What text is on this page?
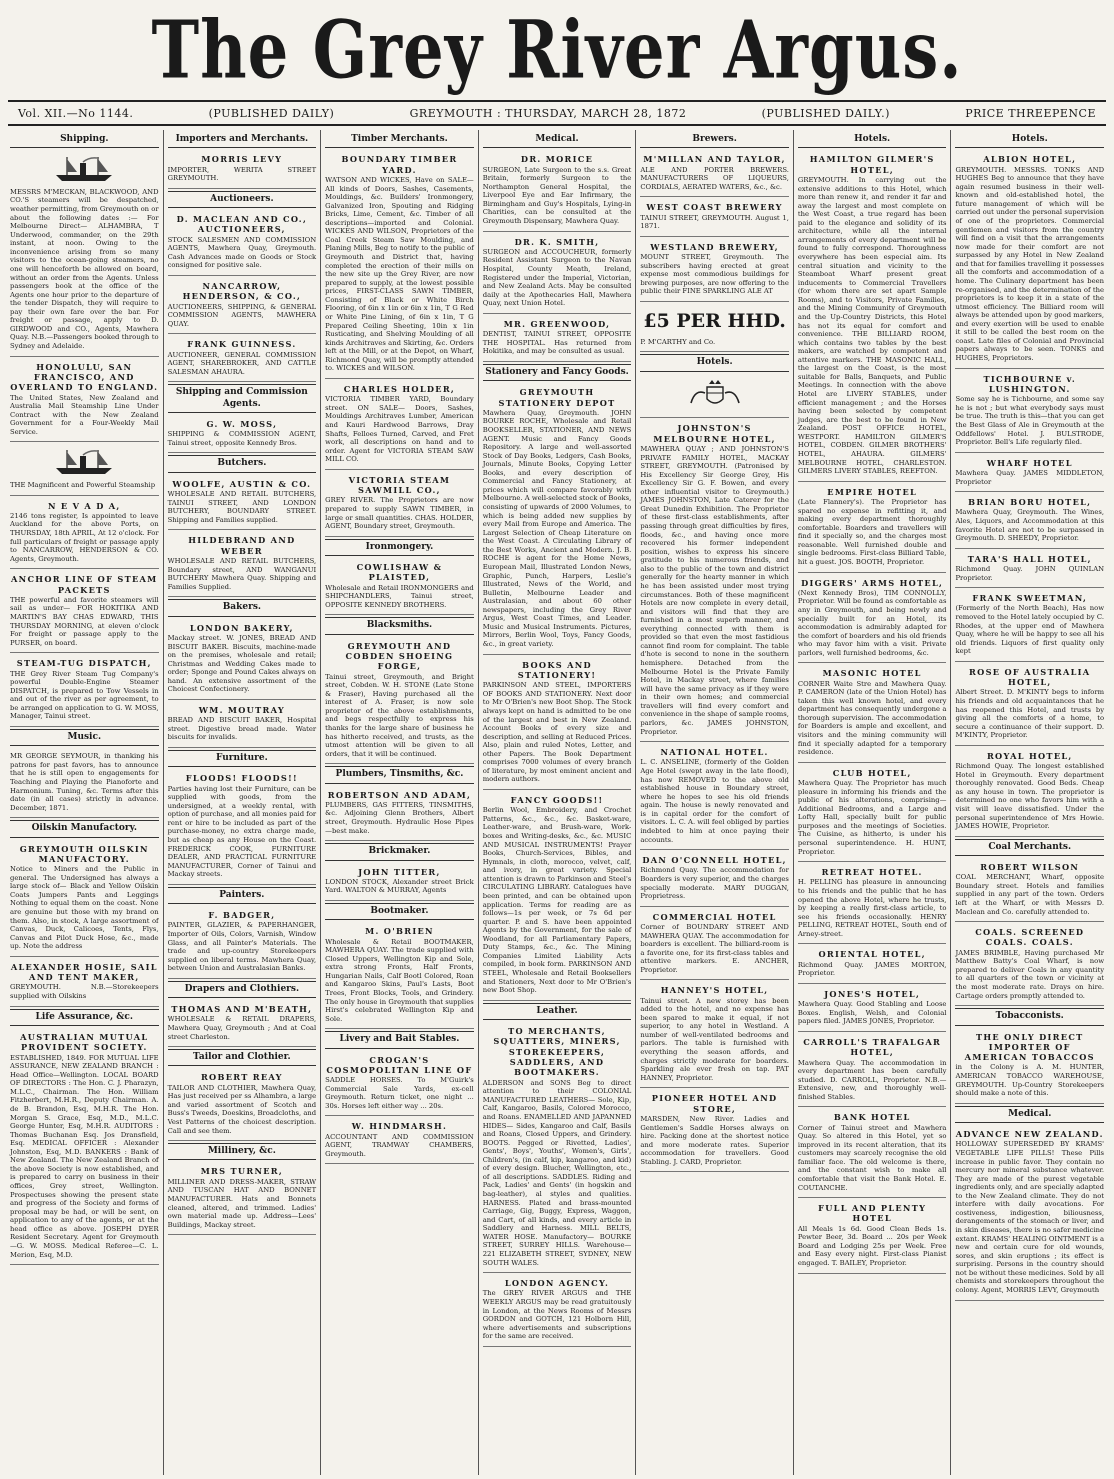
The Grey River Argus.
Vol. XII.—No 1144.	(PUBLISHED DAILY)	GREYMOUTH : THURSDAY, MARCH 28, 1872	(PUBLISHED DAILY.)	PRICE THREEPENCE
Shipping.
MESSRS M'MECKAN, BLACKWOOD, AND CO.'S steamers will be despatched, weather permitting, from Greymouth on or about the following dates :— For Melbourne Direct— ALHAMBRA, T Underwood, commander, on the 29th instant, at noon. Owing to the inconvenience arising from so many visitors to the ocean-going steamers, no one will henceforth be allowed on board, without an order from the Agents. Unless passengers book at the office of the Agents one hour prior to the departure of the tender Dispatch, they will require to pay their own fare over the bar. For freight or passage, apply to D. GIRDWOOD and CO., Agents, Mawhera Quay. N.B.—Passengers booked through to Sydney and Adelaide.
HONOLULU, SAN FRANCISCO, AND OVERLAND TO ENGLAND.
The United States, New Zealand and Australia Mail Steamship Line Under Contract with the New Zealand Government for a Four-Weekly Mail Service.
THE Magnificent and Powerful Steamship
N E V A D A,
2146 tons register, Is appointed to leave Auckland for the above Ports, on THURSDAY, 18th APRIL, At 12 o'clock. For full particulars of freight or passage apply to NANCARROW, HENDERSON & CO. Agents, Greymouth.
ANCHOR LINE OF STEAM PACKETS
THE powerful and favorite steamers will sail as under— FOR HOKITIKA AND MARTIN'S BAY CHAS EDWARD, THIS THURSDAY MORNING, at eleven o'clock For freight or passage apply to the PURSER, on board.
STEAM-TUG DISPATCH,
THE Grey River Steam Tug Company's powerful Double-Engine Steamer DISPATCH, is prepared to Tow Vessels in and out of the river as per agreement, to be arranged on application to G. W. MOSS, Manager, Tainui street.
Music.
MR GEORGE SEYMOUR, in thanking his patrons for past favors, has to announce that he is still open to engagements for Teaching and Playing the Pianoforte and Harmonium. Tuning, &c. Terms after this date (in all cases) strictly in advance. December, 1871.
Oilskin Manufactory.
GREYMOUTH OILSKIN MANUFACTORY.
Notice to Miners and the Public in general. The Undersigned has always a large stock of— Black and Yellow Oilskin Coats Jumpers Pants and Leggings Nothing to equal them on the coast. None are genuine but those with my brand on them. Also, in stock, A large assortment of Canvas, Duck, Calicoes, Tents, Flys, Canvas and Pilot Duck Hose, &c., made up. Note the address
ALEXANDER HOSIE, SAIL AND TENT MAKER,
GREYMOUTH. N.B.—Storekeepers supplied with Oilskins
Life Assurance, &c.
AUSTRALIAN MUTUAL PROVIDENT SOCIETY.
ESTABLISHED, 1849. FOR MUTUAL LIFE ASSURANCE, NEW ZEALAND BRANCH : Head Office—Wellington. LOCAL BOARD OF DIRECTORS : The Hon. C. J. Pharazyn, M.L.C., Chairman. The Hon. William Fitzherbert, M.H.R., Deputy Chairman. A. de B. Brandon, Esq, M.H.R. The Hon. Morgan S. Grace, Esq, M.D., M.L.C. George Hunter, Esq, M.H.R. AUDITORS : Thomas Buchanan Esq. Jos Dransfield, Esq. MEDICAL OFFICER : Alexander Johnston, Esq, M.D. BANKERS : Bank of New Zealand. The New Zealand Branch of the above Society is now established, and is prepared to carry on business in their offices, Grey street, Wellington. Prospectuses showing the present state and progress of the Society and forms of proposal may be had, or will be sent, on application to any of the agents, or at the head office as above. JOSEPH DYER Resident Secretary. Agent for Greymouth—G. W. MOSS. Medical Referee—C. L. Merion, Esq, M.D.
Importers and Merchants.
MORRIS LEVY
IMPORTER, WERITA STREET GREYMOUTH.
Auctioneers.
D. MACLEAN AND CO., AUCTIONEERS,
STOCK SALESMEN AND COMMISSION AGENTS, Mawhera Quay, Greymouth. Cash Advances made on Goods or Stock consigned for positive sale.
NANCARROW, HENDERSON, & CO.,
AUCTIONEERS, SHIPPING, & GENERAL COMMISSION AGENTS, MAWHERA QUAY.
FRANK GUINNESS.
AUCTIONEER, GENERAL COMMISSION AGENT, SHAREBROKER, AND CATTLE SALESMAN AHAURA.
Shipping and Commission Agents.
G. W. MOSS,
SHIPPING & COMMISSION AGENT, Tainui street, opposite Kennedy Bros.
Butchers.
WOOLFE, AUSTIN & CO.
WHOLESALE AND RETAIL BUTCHERS, TAINUI STREET, AND LONDON BUTCHERY, BOUNDARY STREET. Shipping and Families supplied.
HILDEBRAND AND WEBER
WHOLESALE AND RETAIL BUTCHERS, Boundary street, AND WANGANUI BUTCHERY Mawhera Quay. Shipping and Families Supplied.
Bakers.
LONDON BAKERY,
Mackay street. W. JONES, BREAD AND BISCUIT BAKER. Biscuits, machine-made on the premises, wholesale and retail; Christmas and Wedding Cakes made to order; Sponge and Pound Cakes always on hand. An extensive assortment of the Choicest Confectionery.
WM. MOUTRAY
BREAD AND BISCUIT BAKER, Hospital street. Digestive bread made. Water biscuits for invalids.
Furniture.
FLOODS! FLOODS!!
Parties having lost their Furniture, can be supplied with goods, from the undersigned, at a weekly rental, with option of purchase, and all monies paid for rent or hire to be included as part of the purchase-money, no extra charge made, but as cheap as any House on the Coast. FREDERICK COOK, FURNITURE DEALER, AND PRACTICAL FURNITURE MANUFACTURER, Corner of Tainui and Mackay streets.
Painters.
F. BADGER,
PAINTER, GLAZIER, & PAPERHANGER, Importer of Oils, Colors, Varnish, Window Glass, and all Painter's Materials. The trade and up-country Storekeepers supplied on liberal terms. Mawhera Quay, between Union and Australasian Banks.
Drapers and Clothiers.
THOMAS AND M'BEATH,
WHOLESALE & RETAIL DRAPERS, Mawhera Quay, Greymouth ; And at Coal street Charleston.
Tailor and Clothier.
ROBERT REAY
TAILOR AND CLOTHIER, Mawhera Quay, Has just received per ss Alhambra, a large and varied assortment of Scotch and Buss's Tweeds, Doeskins, Broadcloths, and Vest Patterns of the choicest description. Call and see them.
Millinery, &c.
MRS TURNER,
MILLINER AND DRESS-MAKER, STRAW AND TUSCAN HAT AND BONNET MANUFACTURER. Hats and Bonnets cleaned, altered, and trimmed. Ladies' own material made up. Address—Lees' Buildings, Mackay street.
Timber Merchants.
BOUNDARY TIMBER YARD.
WATSON AND WICKES, Have on SALE— All kinds of Doors, Sashes, Casements, Mouldings, &c. Builders' Ironmongery, Galvanized Iron, Spouting and Ridging Bricks, Lime, Cement, &c. Timber of all descriptions—imported and Colonial. WICKES AND WILSON, Proprietors of the Coal Creek Steam Saw Moulding, and Planing Mills, Beg to notify to the public of Greymouth and District that, having completed the erection of their mills on the new site up the Grey River, are now prepared to supply, at the lowest possible prices, FIRST-CLASS SAWN TIMBER, Consisting of Black or White Birch Flooring, of 6in x 1in or 6in x 1in, T G Red or White Pine Lining, of 6in x 1in, T G Prepared Ceiling Sheeting, 10in x 1in Rusticating, and Shelving Moulding of all kinds Architraves and Skirting, &c. Orders left at the Mill, or at the Depot, on Wharf, Richmond Quay, will be promptly attended to. WICKES and WILSON.
CHARLES HOLDER,
VICTORIA TIMBER YARD, Boundary street. ON SALE— Doors, Sashes, Mouldings Architraves Lumber, American and Kauri Hardwood Barrows, Dray Shafts, Felloes Turned, Carved, and Fret work, all descriptions on hand and to order. Agent for VICTORIA STEAM SAW MILL CO.
VICTORIA STEAM SAWMILL CO.,
GREY RIVER. The Proprietors are now prepared to supply SAWN TIMBER, in large or small quantities. CHAS. HOLDER, AGENT, Boundary street, Greymouth.
Ironmongery.
COWLISHAW & PLAISTED,
Wholesale and Retail IRONMONGERS and SHIPCHANDLERS, Tainui street, OPPOSITE KENNEDY BROTHERS.
Blacksmiths.
GREYMOUTH AND COBDEN SHOEING FORGE,
Tainui street, Greymouth, and Bright street, Cobden. W. H. STONE (Late Stone & Fraser), Having purchased all the interest of A. Fraser, is now sole proprietor of the above establishments, and begs respectfully to express his thanks for the large share of business he has hitherto received, and trusts, as the utmost attention will be given to all orders, that it will be continued.
Plumbers, Tinsmiths, &c.
ROBERTSON AND ADAM,
PLUMBERS, GAS FITTERS, TINSMITHS, &c. Adjoining Glenn Brothers, Albert street, Greymouth. Hydraulic Hose Pipes—best make.
Brickmaker.
JOHN TITTER,
LONDON STOCK, Alexander street Brick Yard. WALTON & MURRAY, Agents
Bootmaker.
M. O'BRIEN
Wholesale & Retail BOOTMAKER, MAWHERA QUAY. The trade supplied with Closed Uppers, Wellington Kip and Sole, extra strong Fronts, Half Fronts, Hungarian Nails, Calf Bootl Colored, Roan and Kangaroo Skins, Paul's Lasts, Boot Trees, Front Blocks, Tools, and Grindery. The only house in Greymouth that supplies Hirst's celebrated Wellington Kip and Sole.
Livery and Bait Stables.
CROGAN'S COSMOPOLITAN LINE OF
SADDLE HORSES. To M'Guirk's Commercial Sale Yards, ex-cell Greymouth. Return ticket, one night ... 30s. Horses left either way ... 20s.
W. HINDMARSH.
ACCOUNTANT AND COMMISSION AGENT, TRAMWAY CHAMBERS, Greymouth.
Medical.
DR. MORICE
SURGEON, Late Surgeon to the s.s. Great Britain, formerly Surgeon to the Northampton General Hospital, the Liverpool Eye and Ear Infirmary, the Birmingham and Guy's Hospitals, Lying-in Charities, can be consulted at the Greymouth Dispensary, Mawhera Quay.
DR. K. SMITH,
SURGEON and ACCOUCHEUR, formerly Resident Assistant Surgeon to the Navan Hospital, County Meath, Ireland, Registered under the Imperial, Victorian, and New Zealand Acts. May be consulted daily at the Apothecaries Hall, Mawhera Quay, next Union Hotel.
MR. GREENWOOD,
DENTIST, TAINUI STREET, OPPOSITE THE HOSPITAL. Has returned from Hokitika, and may be consulted as usual.
Stationery and Fancy Goods.
GREYMOUTH STATIONERY DEPOT
Mawhera Quay, Greymouth. JOHN BOURKE ROCHE, Wholesale and Retail BOOKSELLER, STATIONER, AND NEWS AGENT. Music and Fancy Goods Repository. A large and well-assorted Stock of Day Books, Ledgers, Cash Books, Journals, Minute Books, Copying Letter Books, and every description of Commercial and Fancy Stationery, at prices which will compare favorably with Melbourne. A well-selected stock of Books, consisting of upwards of 2000 Volumes, to which is being added new supplies by every Mail from Europe and America. The Largest Selection of Cheap Literature on the West Coast. A Circulating Library of the Best Works, Ancient and Modern. J. B. ROCHE is agent for the Home News, European Mail, Illustrated London News, Graphic, Punch, Harpers, Leslie's Illustrated, News of the World, and Bulletin, Melbourne Leader and Australasian, and about 60 other newspapers, including the Grey River Argus, West Coast Times, and Leader. Music and Musical Instruments. Pictures, Mirrors, Berlin Wool, Toys, Fancy Goods, &c., in great variety.
BOOKS AND STATIONERY!
PARKINSON AND STEEL, IMPORTERS OF BOOKS AND STATIONERY. Next door to Mr O'Brien's new Boot Shop. The Stock always kept on hand is admitted to be one of the largest and best in New Zealand. Account Books of every size and description, and selling at Reduced Prices. Also, plain and ruled Notes, Letter, and other Papers. The Book Department comprises 7000 volumes of every branch of literature, by most eminent ancient and modern authors.
FANCY GOODS!!
Berlin Wool, Embroidery, and Crochet Patterns, &c., &c., &c. Basket-ware, Leather-ware, and Brush-ware, Work-boxes and Writing-desks, &c., &c. MUSIC AND MUSICAL INSTRUMENTS! Prayer Books, Church-Services, Bibles, and Hymnals, in cloth, morocco, velvet, calf, and ivory, in great variety. Special attention is drawn to Parkinson and Steel's CIRCULATING LIBRARY. Catalogues have been printed, and can be obtained upon application. Terms for reading are as follows—1s per week, or 7s 6d per quarter. P. and S. have been appointed Agents by the Government, for the sale of Woodland, for all Parliamentary Papers, Duty Stamps, &c., &c. The Mining Companies Limited Liability Acts compiled, in book form. PARKINSON AND STEEL, Wholesale and Retail Booksellers and Stationers, Next door to Mr O'Brien's new Boot Shop.
Leather.
TO MERCHANTS, SQUATTERS, MINERS, STOREKEEPERS, SADDLERS, AND BOOTMAKERS.
ALDERSON and SONS Beg to direct attention to their COLONIAL MANUFACTURED LEATHERS— Sole, Kip, Calf, Kangaroo, Basils, Colored Morocco, and Roans. ENAMELLED AND JAPANNED HIDES— Sides, Kangaroo and Calf, Basils and Roans, Closed Uppers, and Grindery. BOOTS. Pegged or Rivetted, Ladies', Gents', Boys', Youths', Women's, Girls', Children's, (in calf, kip, kangaroo, and kid) of every design. Blucher, Wellington, etc., of all descriptions. SADDLES. Riding and Pack, Ladies' and Gents' (in hogskin and bag-leather), al styles and qualities. HARNESS. Plated and brass-mounted Carriage, Gig, Buggy, Express, Waggon, and Cart, of all kinds, and every article in Saddlery and Harness. MILL BELTS, WATER HOSE. Manufactory— BOURKE STREET, SURREY HILLS. Warehouse— 221 ELIZABETH STREET, SYDNEY, NEW SOUTH WALES.
LONDON AGENCY.
The GREY RIVER ARGUS and THE WEEKLY ARGUS may be read gratuitously in London, at the News Rooms of Messrs GORDON and GOTCH, 121 Holborn Hill, where advertisements and subscriptions for the same are received.
Brewers.
M'MILLAN AND TAYLOR,
ALE AND PORTER BREWERS. MANUFACTURERS OF LIQUEURS, CORDIALS, AERATED WATERS, &c., &c.
WEST COAST BREWERY
TAINUI STREET, GREYMOUTH. August 1, 1871.
WESTLAND BREWERY,
MOUNT STREET, Greymouth. The subscribers having erected at great expense most commodious buildings for brewing purposes, are now offering to the public their FINE SPARKLING ALE AT
£5 PER HHD.
P. M'CARTHY and Co.
Hotels.
JOHNSTON'S MELBOURNE HOTEL,
MAWHERA QUAY ; AND JOHNSTON'S PRIVATE FAMILY HOTEL, MACKAY STREET, GREYMOUTH. (Patronised by His Excellency Sir George Grey, His Excellency Sir G. F. Bowen, and every other influential visitor to Greymouth.) JAMES JOHNSTON, Late Caterer for the Great Dunedin Exhibition. The Proprietor of these first-class establishments, after passing through great difficulties by fires, floods, &c., and having once more recovered his former independent position, wishes to express his sincere gratitude to his numerous friends, and also to the public of the town and district generally for the hearty manner in which he has been assisted under most trying circumstances. Both of these magnificent Hotels are now complete in every detail, and visitors will find that they are furnished in a most superb manner, and everything connected with them is provided so that even the most fastidious cannot find room for complaint. The table d'hote is second to none in the southern hemisphere. Detached from the Melbourne Hotel is the Private Family Hotel, in Mackay street, where families will have the same privacy as if they were in their own homes; and commercial travellers will find every comfort and convenience in the shape of sample rooms, parlors, &c. JAMES JOHNSTON, Proprietor.
NATIONAL HOTEL.
L. C. ANSELINE, (formerly of the Golden Age Hotel (swept away in the late flood), has now REMOVED to the above old established house in Boundary street, where he hopes to see his old friends again. The house is newly renovated and is in capital order for the comfort of visitors. L. C. A. will feel obliged by parties indebted to him at once paying their accounts.
DAN O'CONNELL HOTEL,
Richmond Quay. The accommodation for Boarders is very superior, and the charges specially moderate. MARY DUGGAN, Proprietress.
COMMERCIAL HOTEL
Corner of BOUNDARY STREET AND MAWHERA QUAY. The accommodation for boarders is excellent. The billiard-room is a favorite one, for its first-class tables and attentive markers. E. ANCHER, Proprietor.
HANNEY'S HOTEL,
Tainui street. A new storey has been added to the hotel, and no expense has been spared to make it equal, if not superior, to any hotel in Westland. A number of well-ventilated bedrooms and parlors. The table is furnished with everything the season affords, and charges strictly moderate for boarders. Sparkling ale ever fresh on tap. PAT HANNEY, Proprietor.
PIONEER HOTEL AND STORE,
MARSDEN, New River. Ladies and Gentlemen's Saddle Horses always on hire. Packing done at the shortest notice and more moderate rates. Superior accommodation for travellers. Good Stabling. J. CARD, Proprietor.
Hotels.
HAMILTON GILMER'S HOTEL,
GREYMOUTH. In carrying out the extensive additions to this Hotel, which more than renew it, and render it far and away the largest and most complete on the West Coast, a true regard has been paid to the elegance and solidity of its architecture, while all the internal arrangements of every department will be found to fully correspond. Thoroughness everywhere has been especial aim. Its central situation and vicinity to the Steamboat Wharf present great inducements to Commercial Travellers (for whom there are set apart Sample Rooms), and to Visitors, Private Families, and the Mining Community of Greymouth and the Up-Country Districts, this Hotel has not its equal for comfort and convenience. THE BILLIARD ROOM, which contains two tables by the best makers, are watched by competent and attentive markers. THE MASONIC HALL, the largest on the Coast, is the most suitable for Balls, Banquets, and Public Meetings. In connection with the above Hotel are LIVERY STABLES, under efficient management ; and the Horses having been selected by competent judges, are the best to be found in New Zealand. POST OFFICE HOTEL, WESTPORT. HAMILTON GILMER'S HOTEL, COBDEN. GILMER BROTHERS' HOTEL, AHAURA. GILMERS' MELBOURNE HOTEL, CHARLESTON. GILMERS LIVERY STABLES, REEFTON.
EMPIRE HOTEL
(Late Flannery's). The Proprietor has spared no expense in refitting it, and making every department thoroughly comfortable. Boarders and travellers will find it specially so, and the charges most reasonable. Well furnished double and single bedrooms. First-class Billiard Table, hit a guest. JOS. BOOTH, Proprietor.
DIGGERS' ARMS HOTEL,
(Next Kennedy Bros), TIM CONNOLLY, Proprietor. Will be found as comfortable as any in Greymouth, and being newly and specially built for an Hotel, its accommodation is admirably adapted for the comfort of boarders and his old friends who may favor him with a visit. Private parlors, well furnished bedrooms, &c.
MASONIC HOTEL
CORNER Waite Stre and Mawhera Quay. P. CAMERON (late of the Union Hotel) has taken this well known hotel, and every department has consequently undergone a thorough supervision. The accommodation for Boarders is ample and excellent, and visitors and the mining community will find it specially adapted for a temporary residence.
CLUB HOTEL,
Mawhera Quay. The Proprietor has much pleasure in informing his friends and the public of his alterations, comprising— Additional Bedrooms, and a Large and Lofty Hall, specially built for public purposes and the meetings of Societies. The Cuisine, as hitherto, is under his personal superintendence. H. HUNT, Proprietor.
RETREAT HOTEL.
H. PELLING has pleasure in announcing to his friends and the public that he has opened the above Hotel, where he trusts, by keeping a really first-class article, to see his friends occasionally. HENRY PELLING, RETREAT HOTEL, South end of Arney-street.
ORIENTAL HOTEL,
Richmond Quay. JAMES MORTON, Proprietor.
JONES'S HOTEL,
Mawhera Quay. Good Stabling and Loose Boxes. English, Welsh, and Colonial papers filed. JAMES JONES, Proprietor.
CARROLL'S TRAFALGAR HOTEL,
Mawhera Quay. The accommodation in every department has been carefully studied. D. CARROLL, Proprietor. N.B.—Extensive, new, and thoroughly well-finished Stables.
BANK HOTEL
Corner of Tainui street and Mawhera Quay. So altered in this Hotel, yet so improved in its recent alteration, that its customers may scarcely recognise the old familiar face. The old welcome is there, and the constant wish to make all comfortable that visit the Bank Hotel. E. COUTANCHE.
FULL AND PLENTY HOTEL
All Meals 1s 6d. Good Clean Beds 1s. Pewter Beer, 3d. Board ... 20s per Week Board and Lodging 25s per Week. Free and Easy every night. First-class Pianist engaged. T. BAILEY, Proprietor.
Hotels.
ALBION HOTEL,
GREYMOUTH. MESSRS. TONKS AND HUGHES Beg to announce that they have again resumed business in their well-known and old-established hotel, the future management of which will be carried out under the personal supervision of one of the proprietors. Commercial gentlemen and visitors from the country will find on a visit that the arrangements now made for their comfort are not surpassed by any Hotel in New Zealand and that for families travelling it possesses all the comforts and accommodation of a home. The Culinary department has been re-organised, and the determination of the proprietors is to keep it in a state of the utmost efficiency. The Billiard room will always be attended upon by good markers, and every exertion will be used to enable it still to be called the best room on the coast. Late files of Colonial and Provincial papers always to be seen. TONKS and HUGHES, Proprietors.
TICHBOURNE v. LUSHINGTON.
Some say he is Tichbourne, and some say he is not ; but what everybody says must be true. The truth is this—that you can get the Best Glass of Ale in Greymouth at the Oddfellows' Hotel. J. BULSTRODE, Proprietor. Bell's Life regularly filed.
WHARF HOTEL
Mawhera Quay. JAMES MIDDLETON, Proprietor
BRIAN BORU HOTEL,
Mawhera Quay, Greymouth. The Wines, Ales, Liquors, and Accommodation at this favorite Hotel are not to be surpassed in Greymouth. D. SHEEDY, Proprietor.
TARA'S HALL HOTEL,
Richmond Quay. JOHN QUINLAN Proprietor.
FRANK SWEETMAN,
(Formerly of the North Beach), Has now removed to the Hotel lately occupied by C. Rhodes, at the upper end of Mawhera Quay, where he will be happy to see all his old friends. Liquors of first quality only kept
ROSE OF AUSTRALIA HOTEL,
Albert Street. D. M'KINTY begs to inform his friends and old acquaintances that he has reopened this Hotel, and trusts by giving all the comforts of a home, to secure a continuance of their support. D. M'KINTY, Proprietor.
ROYAL HOTEL,
Richmond Quay. The longest established Hotel in Greymouth. Every department thoroughly renovated. Good Beds. Cheap as any house in town. The proprietor is determined no one who favors him with a visit will leave dissatisfied. Under the personal superintendence of Mrs Howie. JAMES HOWIE, Proprietor.
Coal Merchants.
ROBERT WILSON
COAL MERCHANT, Wharf, opposite Boundary street. Hotels and families supplied in any part of the town. Orders left at the Wharf, or with Messrs D. Maclean and Co. carefully attended to.
COALS. SCREENED COALS. COALS.
JAMES BRIMBLE, Having purchased Mr Matthew Batty's Coal Wharf, is now prepared to deliver Coals in any quantity to all quarters of the town or vicinity at the most moderate rate. Drays on hire. Cartage orders promptly attended to.
Tobacconists.
THE ONLY DIRECT IMPORTER OF AMERICAN TOBACCOS
in the Colony is A. M. HUNTER, AMERICAN TOBACCO WAREHOUSE, GREYMOUTH. Up-Country Storekeepers should make a note of this.
Medical.
ADVANCE NEW ZEALAND.
HOLLOWAY SUPERSEDED BY KRAMS' VEGETABLE LIFE PILLS! These Pills increase in public favor. They contain no mercury nor mineral substance whatever. They are made of the purest vegetable ingredients only, and are specially adapted to the New Zealand climate. They do not interfere with daily avocations. For costiveness, indigestion, biliousness, derangements of the stomach or liver, and in skin diseases, there is no safer medicine extant. KRAMS' HEALING OINTMENT is a new and certain cure for old wounds, sores, and skin eruptions ; its effect is surprising. Persons in the country should not be without these medicines. Sold by all chemists and storekeepers throughout the colony. Agent, MORRIS LEVY, Greymouth
